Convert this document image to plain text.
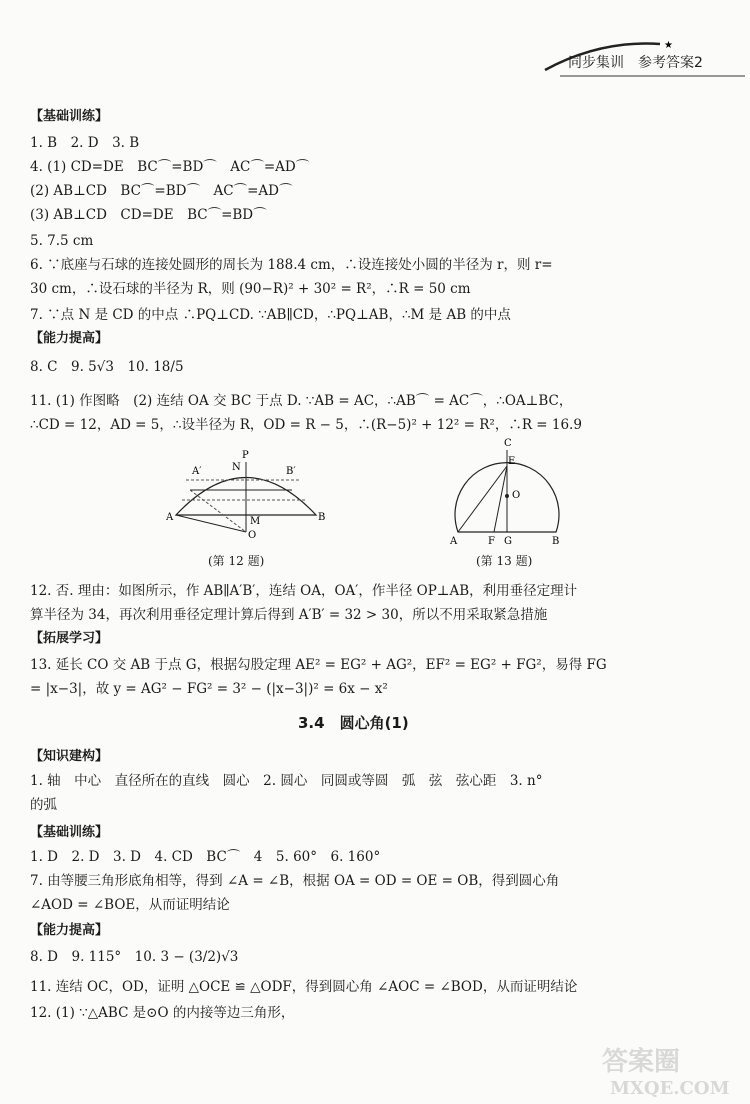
★
同步集训　参考答案2
【基础训练】
1. B　2. D　3. B
4. (1) CD=DE　BC⌒=BD⌒　AC⌒=AD⌒
(2) AB⊥CD　BC⌒=BD⌒　AC⌒=AD⌒
(3) AB⊥CD　CD=DE　BC⌒=BD⌒
5. 7.5 cm
6. ∵底座与石球的连接处圆形的周长为 188.4 cm，∴设连接处小圆的半径为 r，则 r=
30 cm，∴设石球的半径为 R，则 (90−R)² + 30² = R²，∴R = 50 cm
7. ∵点 N 是 CD 的中点 ∴PQ⊥CD. ∵AB∥CD，∴PQ⊥AB，∴M 是 AB 的中点
【能力提高】
8. C　9. 5√3　10. 18/5
11. (1) 作图略　(2) 连结 OA 交 BC 于点 D. ∵AB = AC，∴AB⌒ = AC⌒，∴OA⊥BC，
∴CD = 12，AD = 5，∴设半径为 R，OD = R − 5，∴(R−5)² + 12² = R²，∴R = 16.9
A′	N
P
B′
A	M	B
O
(第 12 题)
C
E
O
A	F G	B
(第 13 题)
12. 否. 理由：如图所示，作 AB∥A′B′，连结 OA，OA′，作半径 OP⊥AB，利用垂径定理计
算半径为 34，再次利用垂径定理计算后得到 A′B′ = 32 > 30，所以不用采取紧急措施
【拓展学习】
13. 延长 CO 交 AB 于点 G，根据勾股定理 AE² = EG² + AG²，EF² = EG² + FG²，易得 FG
= |x−3|，故 y = AG² − FG² = 3² − (|x−3|)² = 6x − x²
3.4　圆心角(1)
【知识建构】
1. 轴　中心　直径所在的直线　圆心　2. 圆心　同圆或等圆　弧　弦　弦心距　3. n°
的弧
【基础训练】
1. D　2. D　3. D　4. CD　BC⌒　4　5. 60°　6. 160°
7. 由等腰三角形底角相等，得到 ∠A = ∠B，根据 OA = OD = OE = OB，得到圆心角
∠AOD = ∠BOE，从而证明结论
【能力提高】
8. D　9. 115°　10. 3 − (3/2)√3
11. 连结 OC，OD，证明 △OCE ≌ △ODF，得到圆心角 ∠AOC = ∠BOD，从而证明结论
12. (1) ∵△ABC 是⊙O 的内接等边三角形，
答案圈
MXQE.COM
